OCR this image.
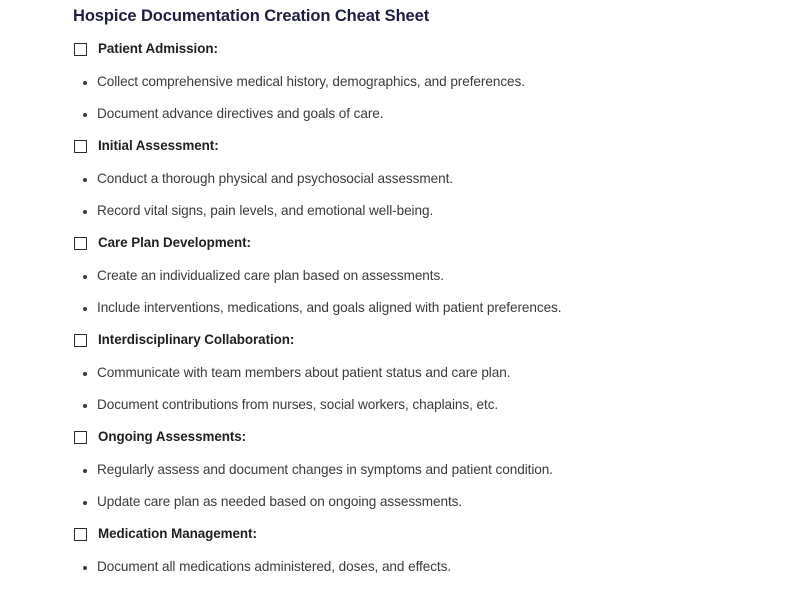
Hospice Documentation Creation Cheat Sheet
Patient Admission:
Collect comprehensive medical history, demographics, and preferences.
Document advance directives and goals of care.
Initial Assessment:
Conduct a thorough physical and psychosocial assessment.
Record vital signs, pain levels, and emotional well-being.
Care Plan Development:
Create an individualized care plan based on assessments.
Include interventions, medications, and goals aligned with patient preferences.
Interdisciplinary Collaboration:
Communicate with team members about patient status and care plan.
Document contributions from nurses, social workers, chaplains, etc.
Ongoing Assessments:
Regularly assess and document changes in symptoms and patient condition.
Update care plan as needed based on ongoing assessments.
Medication Management:
Document all medications administered, doses, and effects.
